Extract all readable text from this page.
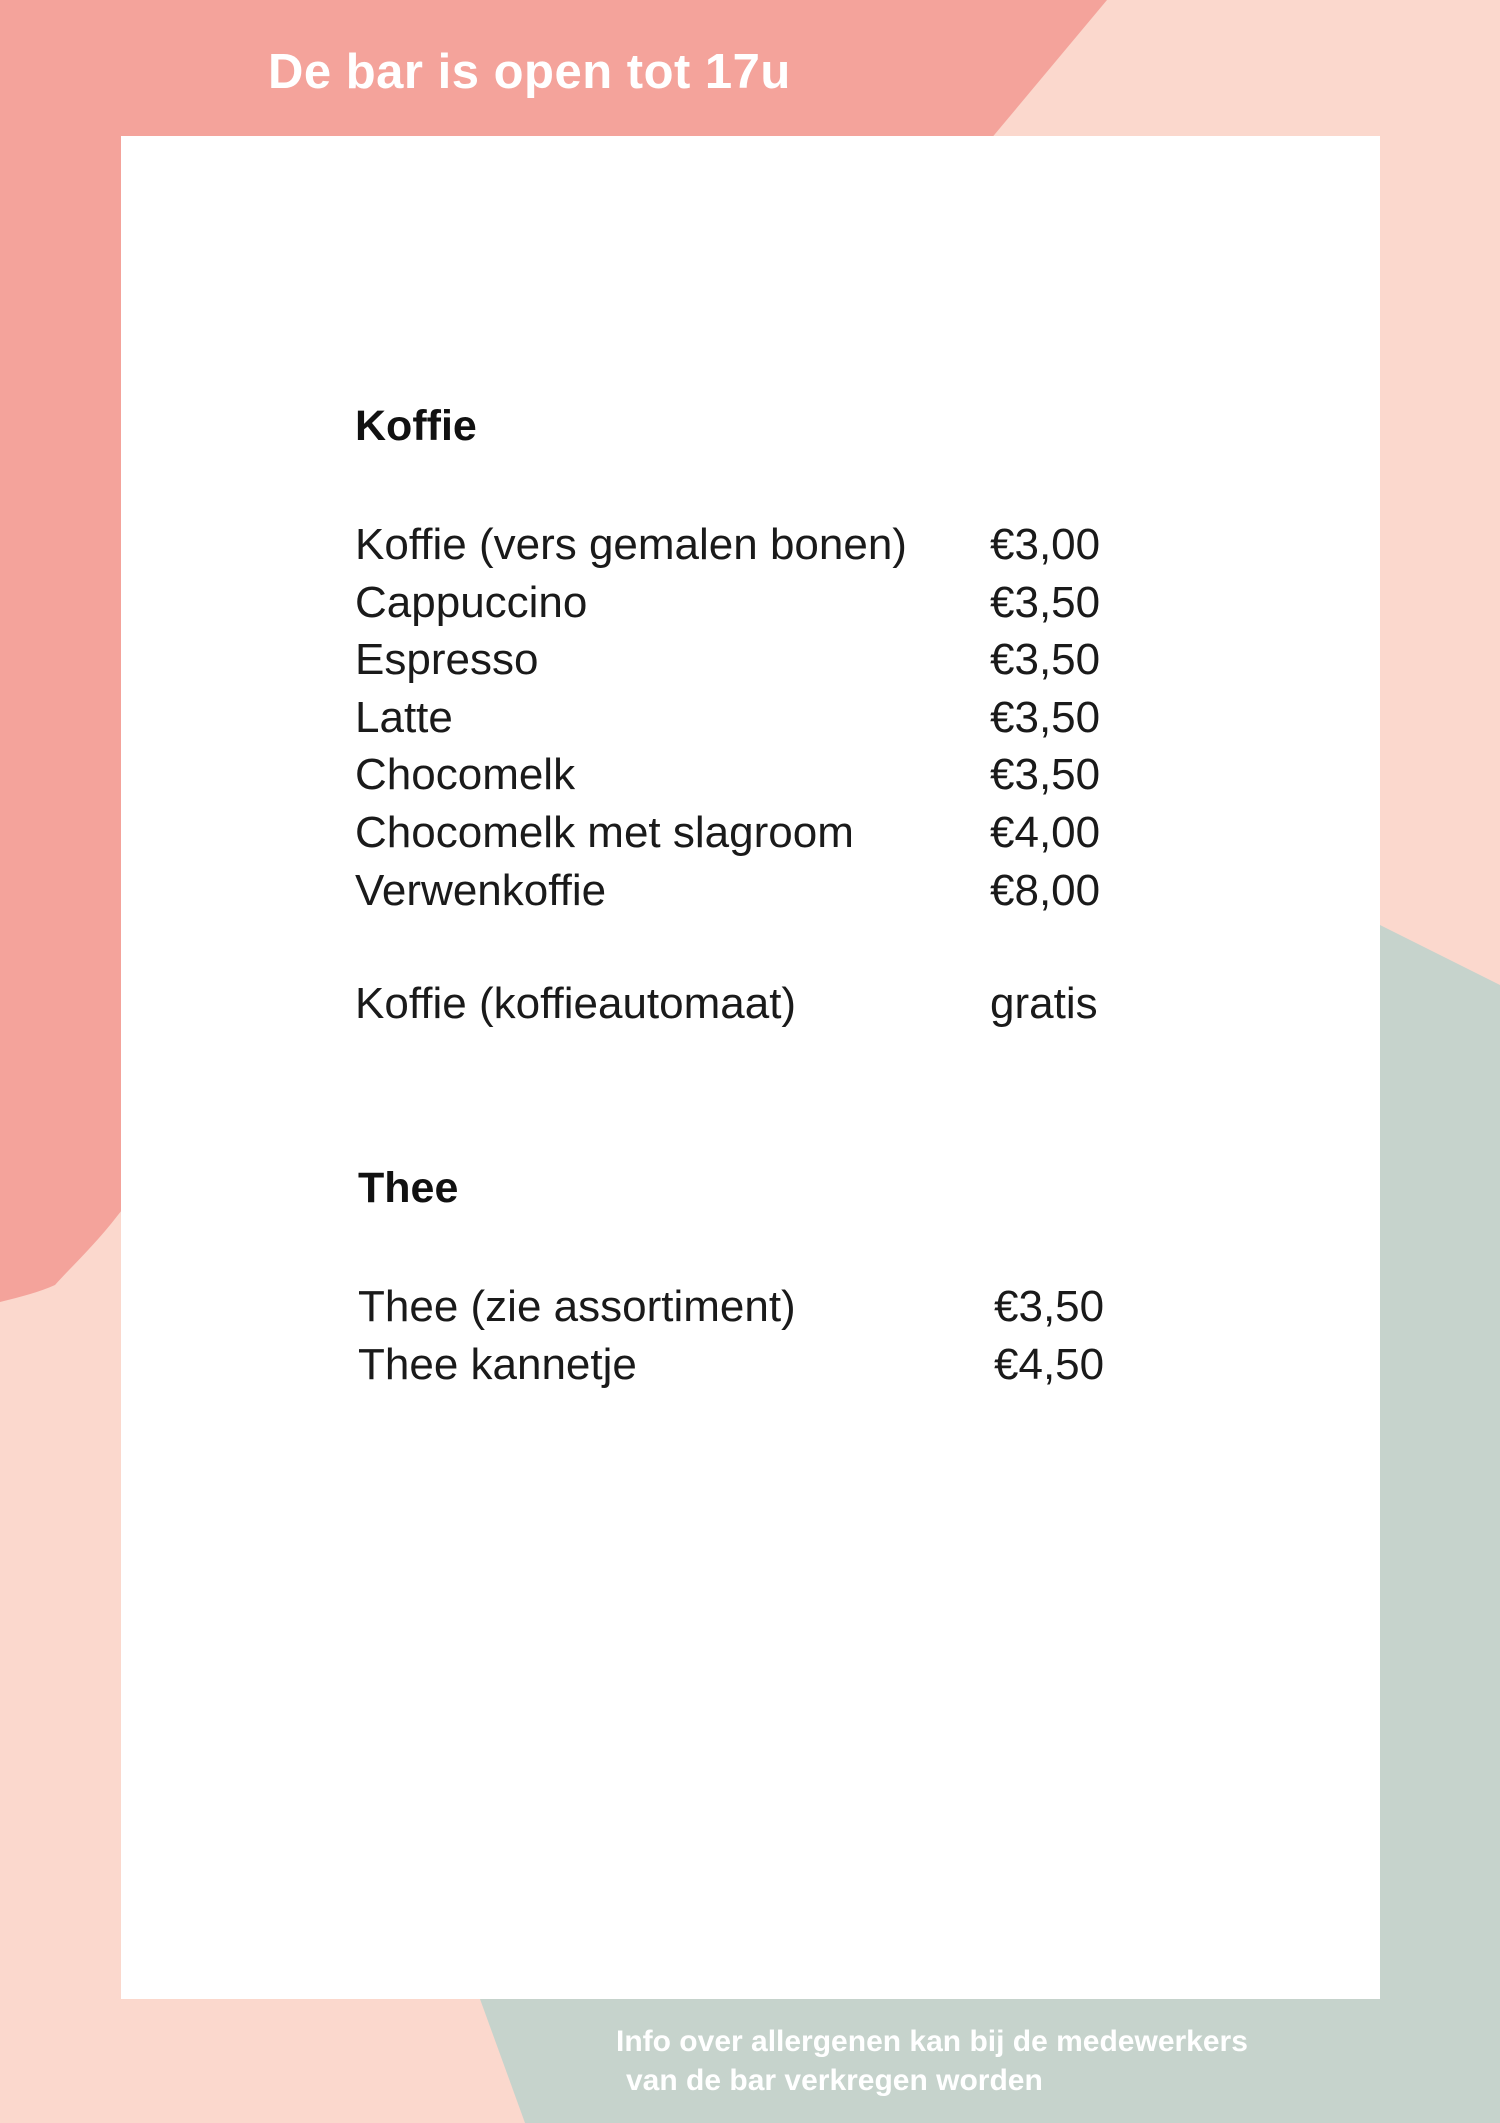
De bar is open tot 17u
Koffie
Koffie (vers gemalen bonen) €3,00
Cappuccino	€3,50
Espresso	€3,50
Latte	€3,50
Chocomelk	€3,50
Chocomelk met slagroom	€4,00
Verwenkoffie	€8,00
Koffie (koffieautomaat)	gratis
Thee
Thee (zie assortiment)	€3,50
Thee kannetje	€4,50

Info over allergenen kan bij de medewerkers
van de bar verkregen worden
